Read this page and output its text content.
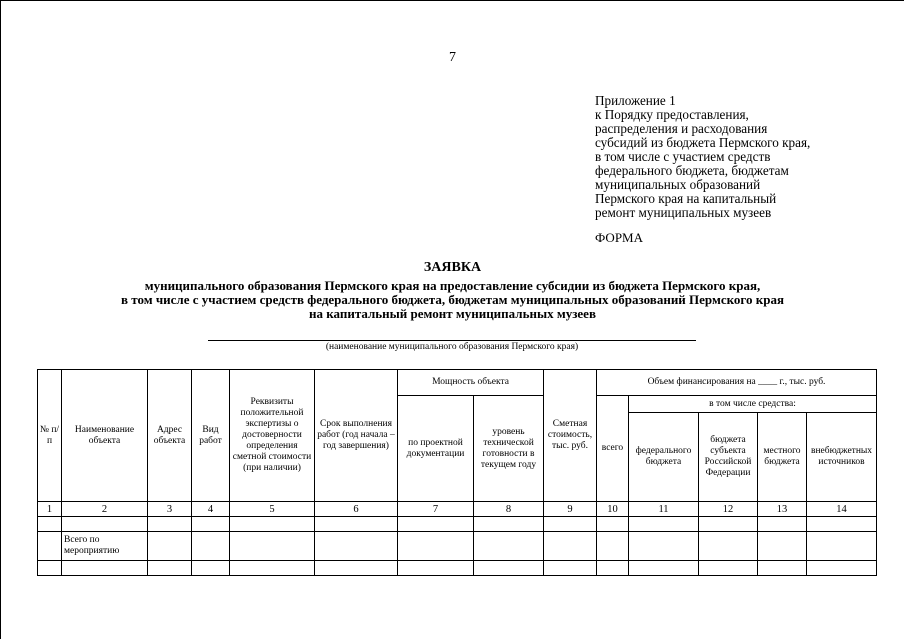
7
Приложение 1
к Порядку предоставления,
распределения и расходования
субсидий из бюджета Пермского края,
в том числе с участием средств
федерального бюджета, бюджетам
муниципальных образований
Пермского края на капитальный
ремонт муниципальных музеев
ФОРМА
ЗАЯВКА
муниципального образования Пермского края на предоставление субсидии из бюджета Пермского края,
в том числе с участием средств федерального бюджета, бюджетам муниципальных образований Пермского края
на капитальный ремонт муниципальных музеев
(наименование муниципального образования Пермского края)
№ п/п	Наименование объекта	Адрес объекта	Вид работ	Реквизиты положительной экспертизы о достоверности определения сметной стоимости (при наличии)	Срок выполнения работ (год начала – год завершения)	Мощность объекта		Сметная стоимость, тыс. руб.	Объем финансирования на ____ г., тыс. руб.				
						по проектной документации	уровень технической готовности в текущем году		всего	в том числе средства:			
										федерального бюджета	бюджета субъекта Российской Федерации	местного бюджета	внебюджетных источников
1	2	3	4	5	6	7	8	9	10	11	12	13	14

	Всего по мероприятию												
